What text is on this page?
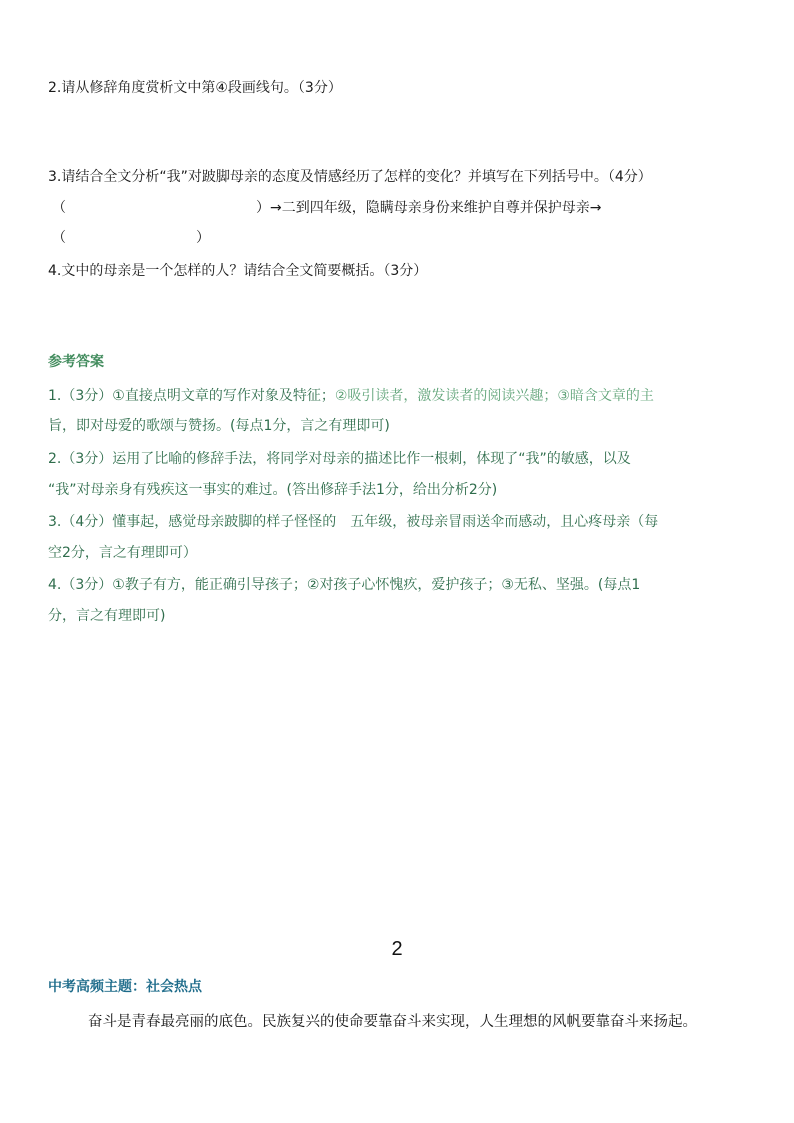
2.请从修辞角度赏析文中第④段画线句。（3分）
3.请结合全文分析“我”对跛脚母亲的态度及情感经历了怎样的变化？并填写在下列括号中。（4分）
（	）→二到四年级，隐瞒母亲身份来维护自尊并保护母亲→
（	）
4.文中的母亲是一个怎样的人？请结合全文简要概括。（3分）
参考答案
1.（3分）①直接点明文章的写作对象及特征；②吸引读者，激发读者的阅读兴趣；③暗含文章的主
旨，即对母爱的歌颂与赞扬。(每点1分，言之有理即可)
2.（3分）运用了比喻的修辞手法，将同学对母亲的描述比作一根刺，体现了“我”的敏感，以及
“我”对母亲身有残疾这一事实的难过。(答出修辞手法1分，给出分析2分)
3.（4分）懂事起，感觉母亲跛脚的样子怪怪的　五年级，被母亲冒雨送伞而感动，且心疼母亲（每
空2分，言之有理即可）
4.（3分）①教子有方，能正确引导孩子；②对孩子心怀愧疚，爱护孩子；③无私、坚强。(每点1
分，言之有理即可)
2
中考高频主题：社会热点
奋斗是青春最亮丽的底色。民族复兴的使命要靠奋斗来实现，人生理想的风帆要靠奋斗来扬起。
